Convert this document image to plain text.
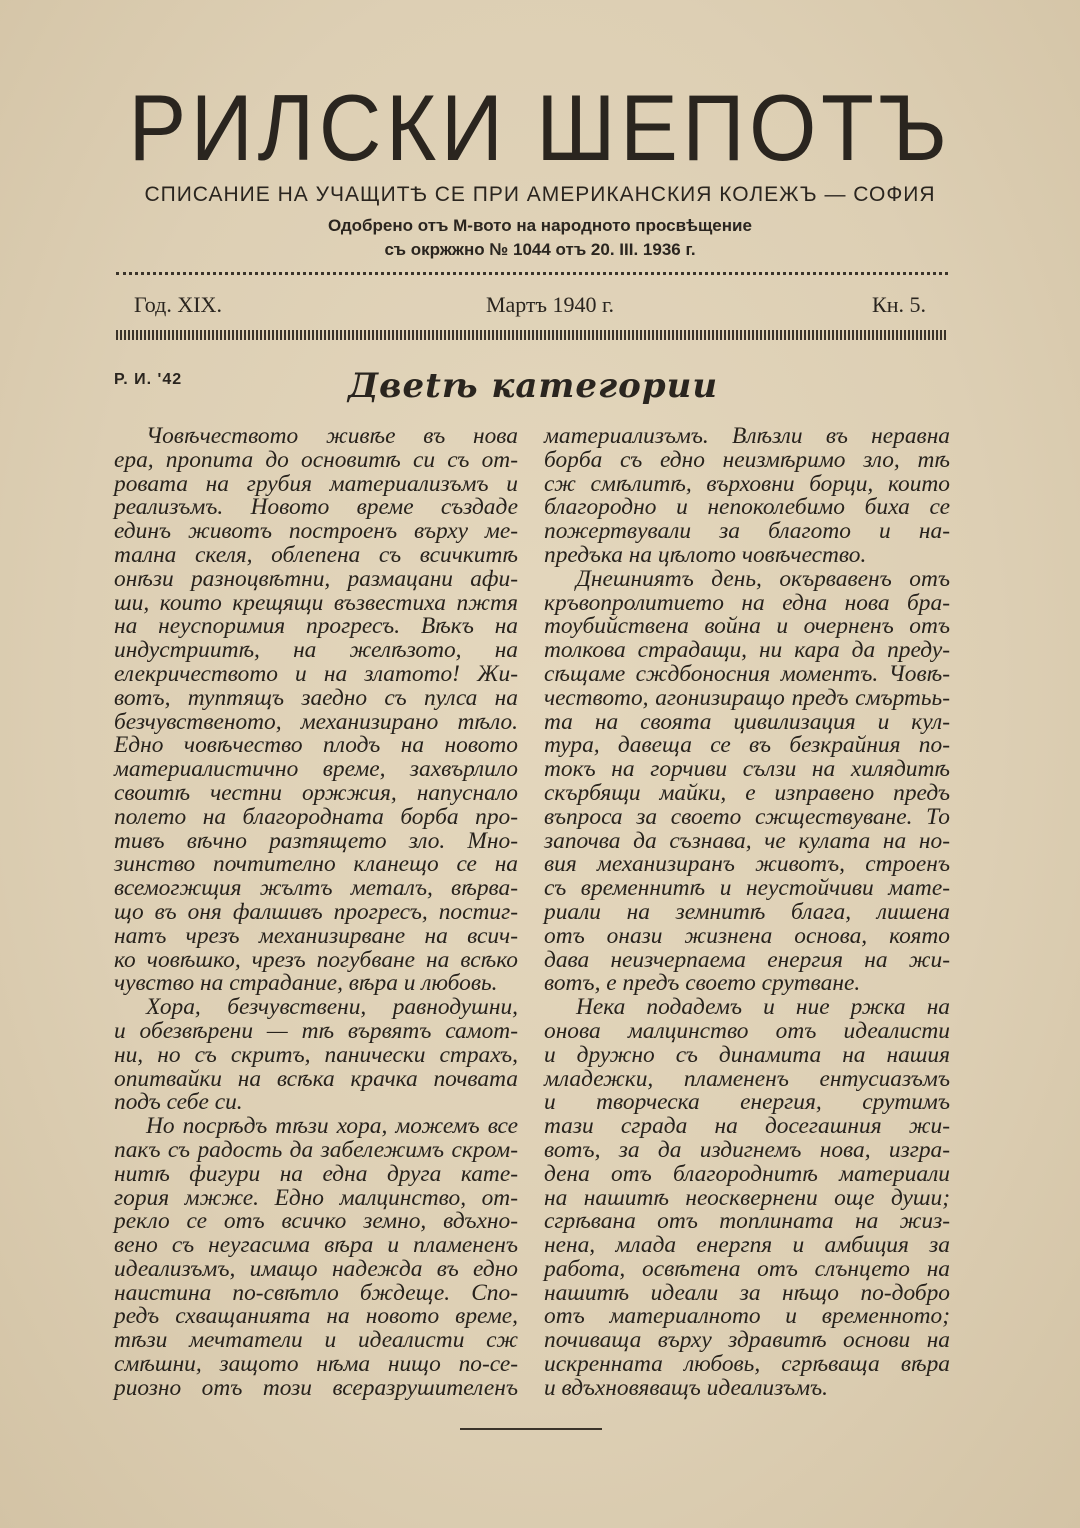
РИЛСКИ ШЕПОТЪ
СПИСАНИЕ НА УЧАЩИТѢ СЕ ПРИ АМЕРИКАНСКИЯ КОЛЕЖЪ — СОФИЯ
Одобрено отъ М-вото на народното просвѣщение
съ окржжно № 1044 отъ 20. III. 1936 г.
Год. XIX.	Мартъ 1940 г.	Кн. 5.
Р. И. '42	Двеtѣ категории
Човѣчеството живѣе въ нова
ера, пропита до основитѣ си съ от-
ровата на грубия материализъмъ и
реализъмъ. Новото време създаде
единъ животъ построенъ върху ме-
тална скеля, облепена съ всичкитѣ
онѣзи разноцвѣтни, размацани афи-
ши, които крещящи възвестиха пжтя
на неуспоримия прогресъ. Вѣкъ на
индустриитѣ, на желѣзото, на
елекричеството и на златото! Жи-
вотъ, туптящъ заедно съ пулса на
безчувственото, механизирано тѣло.
Едно човѣчество плодъ на новото
материалистично време, захвърлило
своитѣ честни оржжия, напуснало
полето на благородната борба про-
тивъ вѣчно разтящето зло. Мно-
зинство почтително кланещо се на
всемогжщия жълтъ металъ, вѣрва-
що въ оня фалшивъ прогресъ, постиг-
натъ чрезъ механизирване на всич-
ко човѣшко, чрезъ погубване на всѣко
чувство на страдание, вѣра и любовь.
Хора, безчувствени, равнодушни,
и обезвѣрени — тѣ вървятъ самот-
ни, но съ скритъ, панически страхъ,
опитвайки на всѣка крачка почвата
подъ себе си.
Но посрѣдъ тѣзи хора, можемъ все
пакъ съ радость да забележимъ скром-
нитѣ фигури на една друга кате-
гория мжже. Едно малцинство, от-
рекло се отъ всичко земно, вдъхно-
вено съ неугасима вѣра и пламененъ
идеализъмъ, имащо надежда въ едно
наистина по-свѣтло бждеще. Спо-
редъ схващанията на новото време,
тѣзи мечтатели и идеалисти сж
смѣшни, защото нѣма нищо по-се-
риозно отъ този всеразрушителенъ
материализъмъ. Влѣзли въ неравна
борба съ едно неизмѣримо зло, тѣ
сж смѣлитѣ, върховни борци, които
благородно и непоколебимо биха се
пожертвували за благото и на-
предъка на цѣлото човѣчество.
Днешниятъ день, окървавенъ отъ
кръвопролитието на една нова бра-
тоубийствена война и очерненъ отъ
толкова страдащи, ни кара да преду-
сѣщаме сждбоносния моментъ. Човѣ-
чеството, агонизиращо предъ смъртьь-
та на своята цивилизация и кул-
тура, давеща се въ безкрайния по-
токъ на горчиви сълзи на хилядитѣ
скърбящи майки, е изправено предъ
въпроса за своето сжществуване. То
започва да съзнава, че кулата на но-
вия механизиранъ животъ, строенъ
съ временнитѣ и неустойчиви мате-
риали на земнитѣ блага, лишена
отъ онази жизнена основа, която
дава неизчерпаема енергия на жи-
вотъ, е предъ своето срутване.
Нека подадемъ и ние ржка на
онова малцинство отъ идеалисти
и дружно съ динамита на нашия
младежки, пламененъ ентусиазъмъ
и творческа енергия, срутимъ
тази сграда на досегашния жи-
вотъ, за да издигнемъ нова, изгра-
дена отъ благороднитѣ материали
на нашитѣ неосквернени още души;
сгрѣвана отъ топлината на жиз-
нена, млада енергпя и амбиция за
работа, освѣтена отъ слънцето на
нашитѣ идеали за нѣщо по-добро
отъ материалното и временното;
почиваща върху здравитѣ основи на
искренната любовь, сгрѣваща вѣра
и вдъхновяващъ идеализъмъ.
